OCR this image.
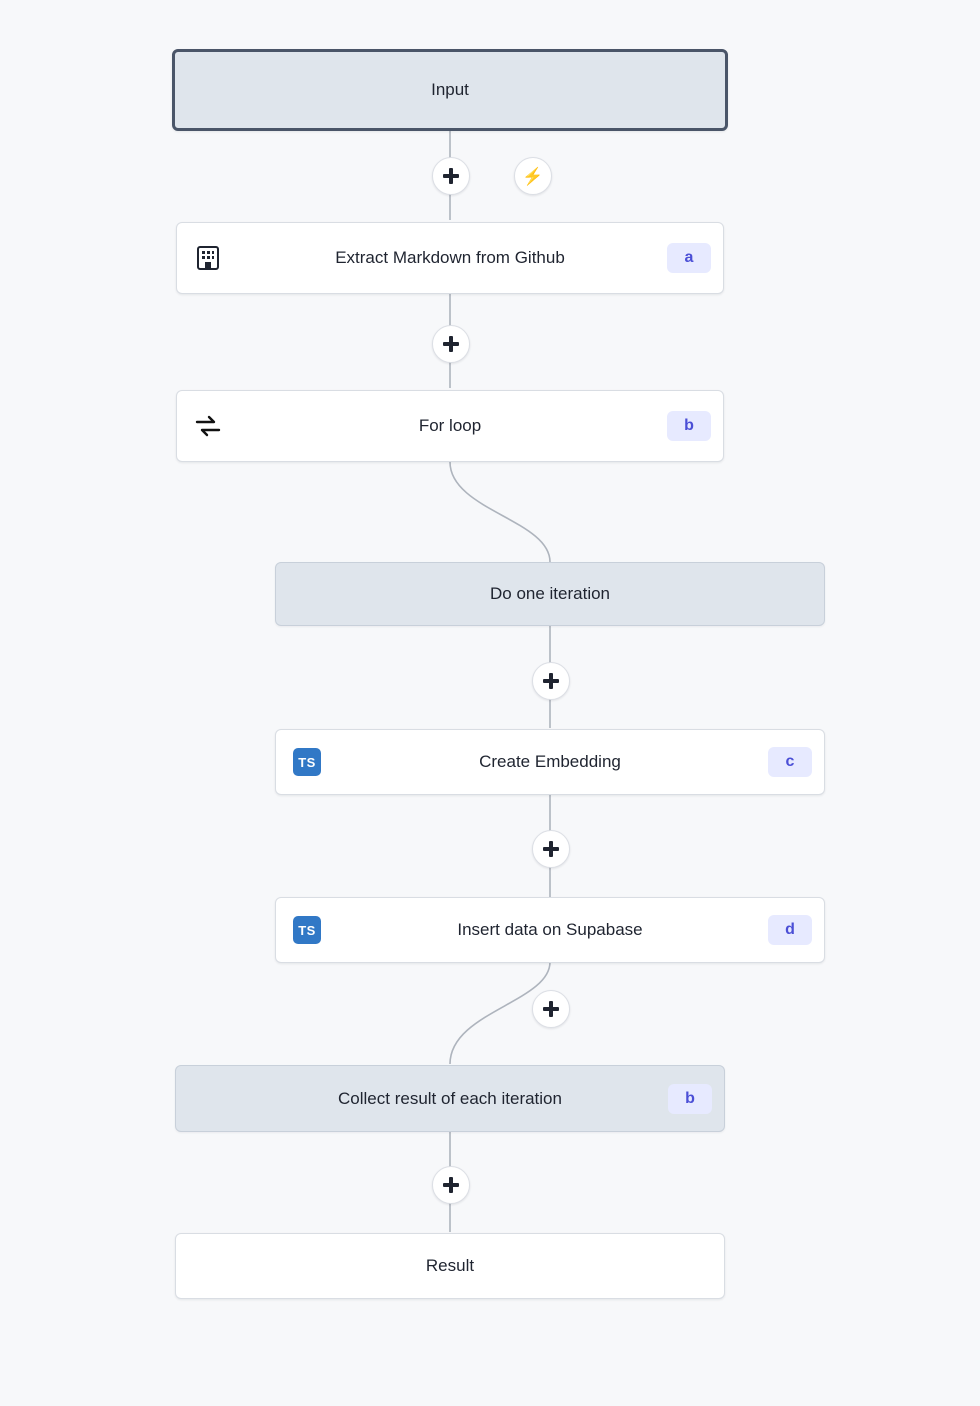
Input
⚡
Extract Markdown from Github	a
For loop	b
Do one iteration
TS	Create Embedding	c
TS	Insert data on Supabase	d
Collect result of each iteration	b
Result
